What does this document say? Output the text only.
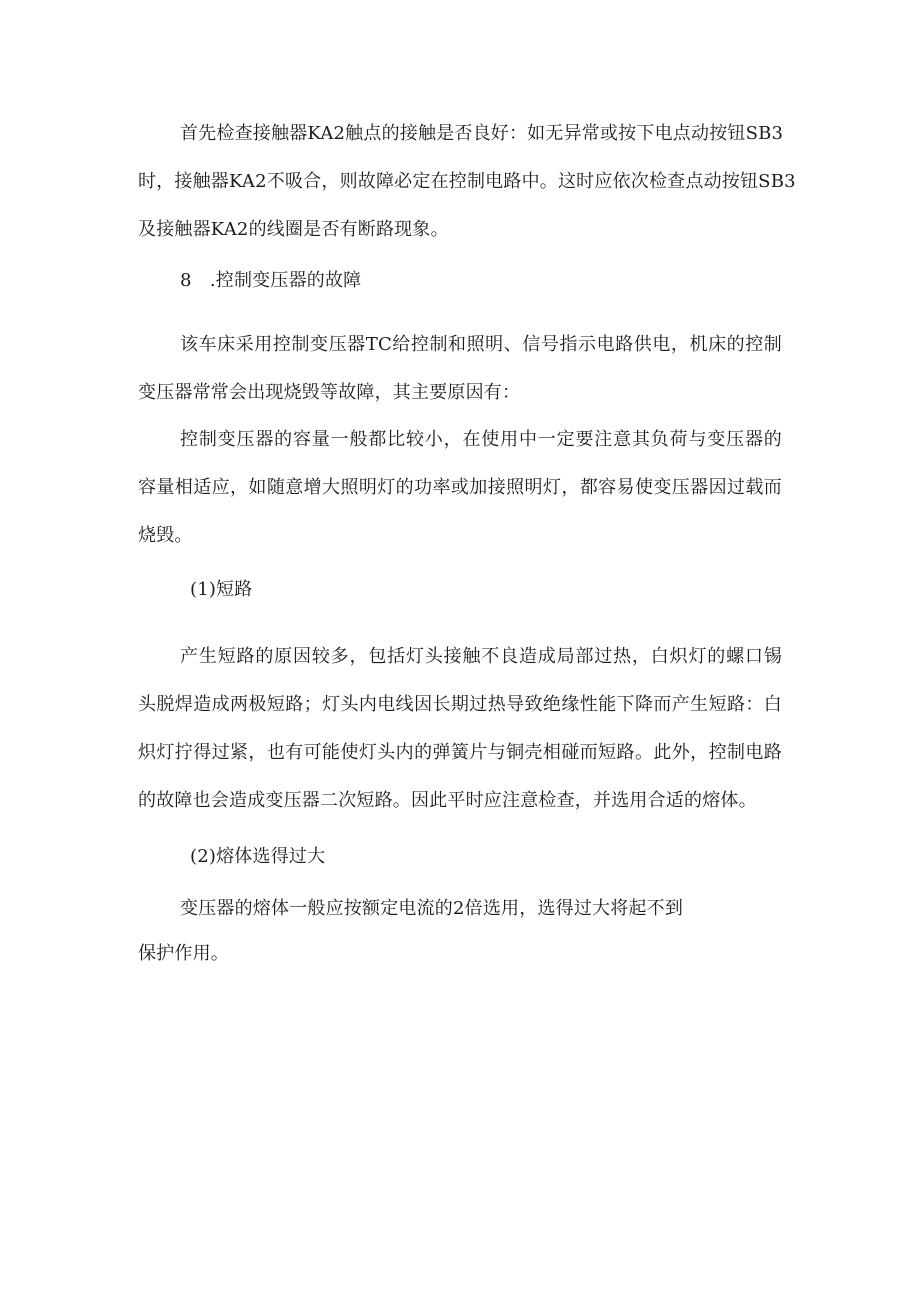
首先检查接触器KA2触点的接触是否良好：如无异常或按下电点动按钮SB3
时，接触器KA2不吸合，则故障必定在控制电路中。这时应依次检查点动按钮SB3
及接触器KA2的线圈是否有断路现象。
8　.控制变压器的故障
该车床采用控制变压器TC给控制和照明、信号指示电路供电，机床的控制
变压器常常会出现烧毁等故障，其主要原因有：
控制变压器的容量一般都比较小，在使用中一定要注意其负荷与变压器的
容量相适应，如随意增大照明灯的功率或加接照明灯，都容易使变压器因过载而
烧毁。
(1)短路
产生短路的原因较多，包括灯头接触不良造成局部过热，白炽灯的螺口锡
头脱焊造成两极短路；灯头内电线因长期过热导致绝缘性能下降而产生短路：白
炽灯拧得过紧，也有可能使灯头内的弹簧片与铜壳相碰而短路。此外，控制电路
的故障也会造成变压器二次短路。因此平时应注意检查，并选用合适的熔体。
(2)熔体选得过大
变压器的熔体一般应按额定电流的2倍选用，选得过大将起不到
保护作用。
